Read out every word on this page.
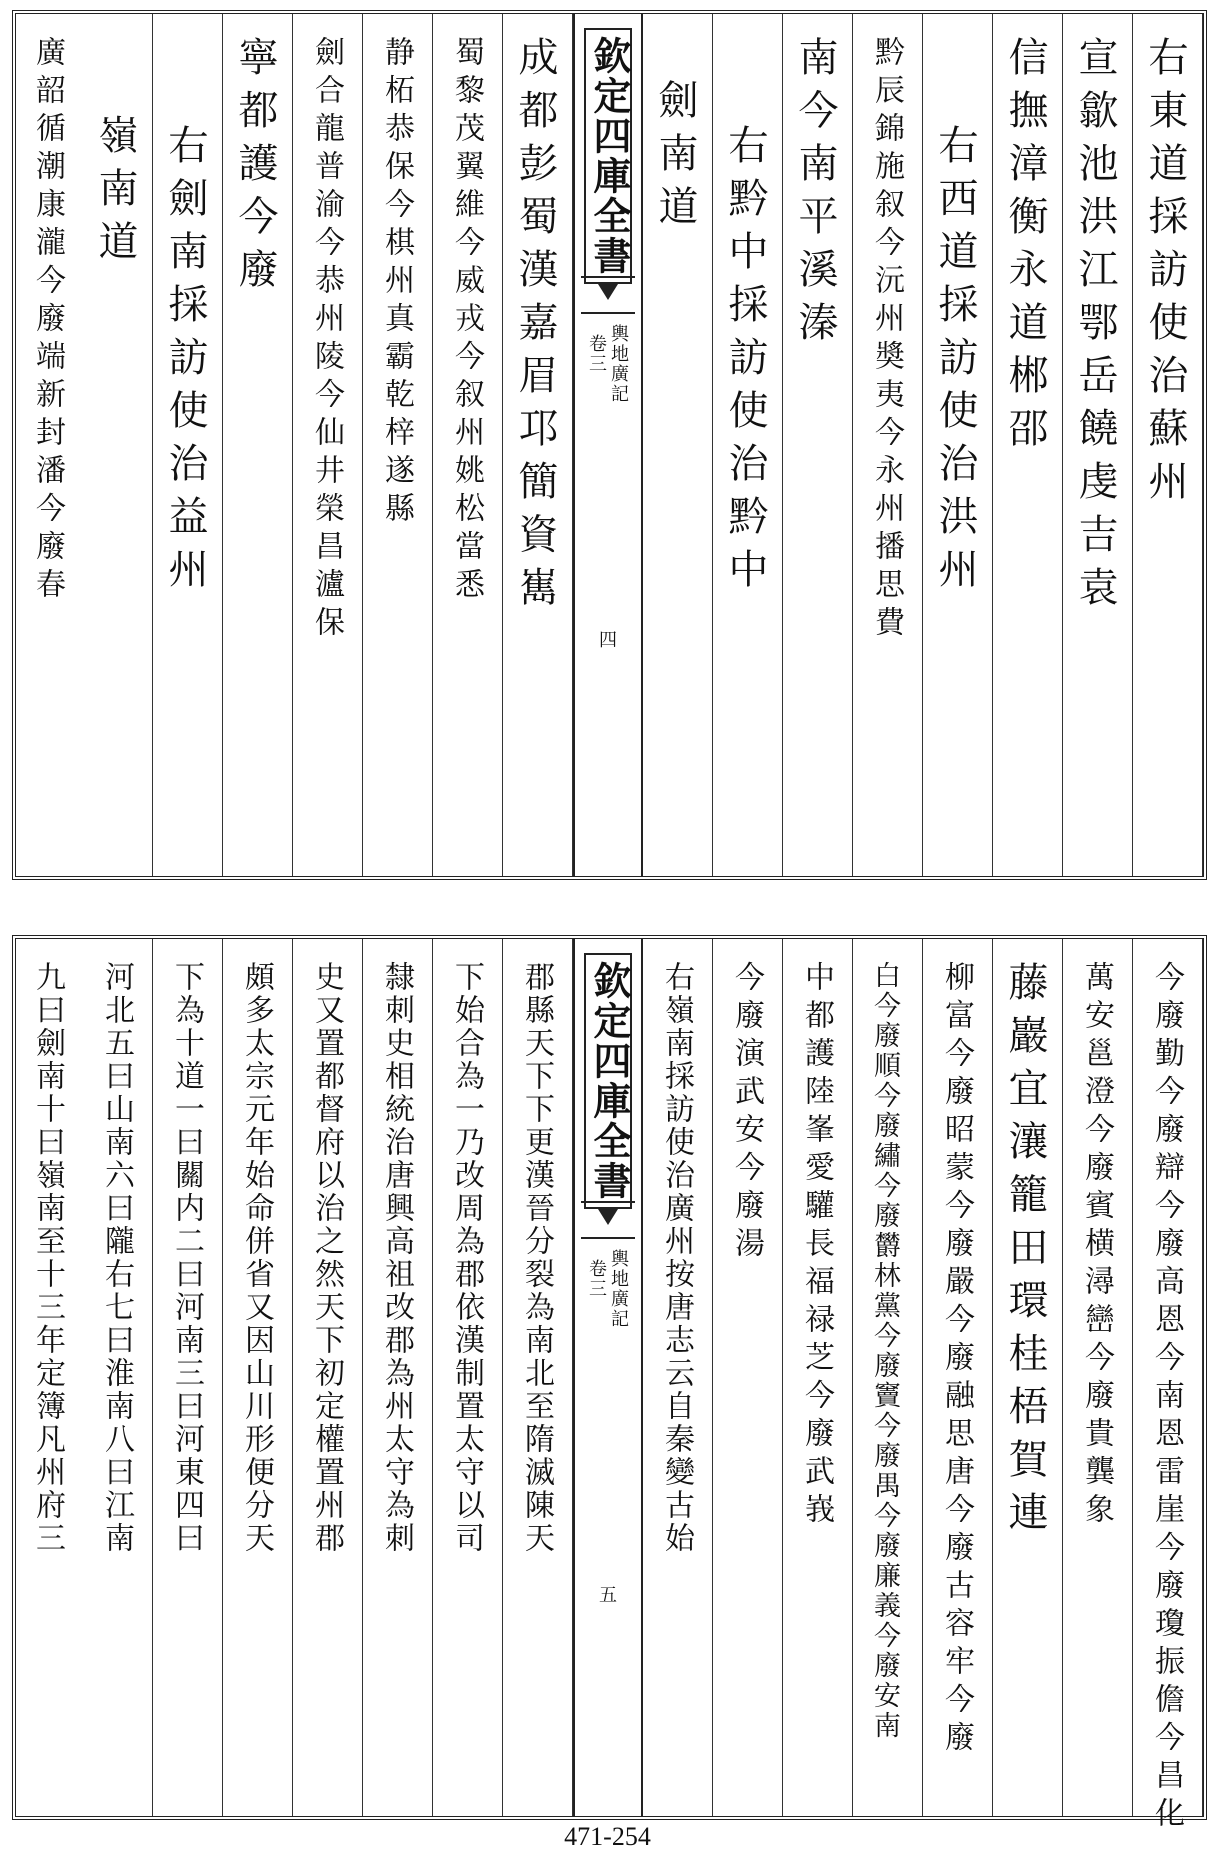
右東道採訪使治蘇州
宣歙池洪江鄂岳饒虔吉袁
信撫漳衡永道郴邵
右西道採訪使治洪州
黔辰錦施叙今沅州奬夷今永州播思費
南今南平溪溱
右黔中採訪使治黔中
劍南道
欽定四庫全書
輿地廣記
卷三
四
成都彭蜀漢嘉眉邛簡資嶲
蜀黎茂翼維今威戎今叙州姚松當悉
静柘恭保今棋州真霸乾梓遂縣
劍合龍普渝今恭州陵今仙井榮昌瀘保
寧都護今廢
右劍南採訪使治益州
嶺南道
廣韶循潮康瀧今廢端新封潘今廢春
今廢勤今廢辯今廢高恩今南恩雷崖今廢瓊振儋今昌化
萬安邕澄今廢賓横潯巒今廢貴龔象
藤巖宜瀼籠田環桂梧賀連
柳富今廢昭蒙今廢嚴今廢融思唐今廢古容牢今廢
白今廢順今廢繡今廢欝林黨今廢竇今廢禺今廢廉義今廢安南
中都護陸峯愛驩長福禄芝今廢武峩
今廢演武安今廢湯
右嶺南採訪使治廣州按唐志云自秦變古始
欽定四庫全書
輿地廣記
卷三
五
郡縣天下下更漢晉分裂為南北至隋滅陳天
下始合為一乃改周為郡依漢制置太守以司
隸刺史相統治唐興高祖改郡為州太守為刺
史又置都督府以治之然天下初定權置州郡
頗多太宗元年始命併省又因山川形便分天
下為十道一曰關内二曰河南三曰河東四曰
河北五曰山南六曰隴右七曰淮南八曰江南
九曰劍南十曰嶺南至十三年定簿凡州府三
471-254
